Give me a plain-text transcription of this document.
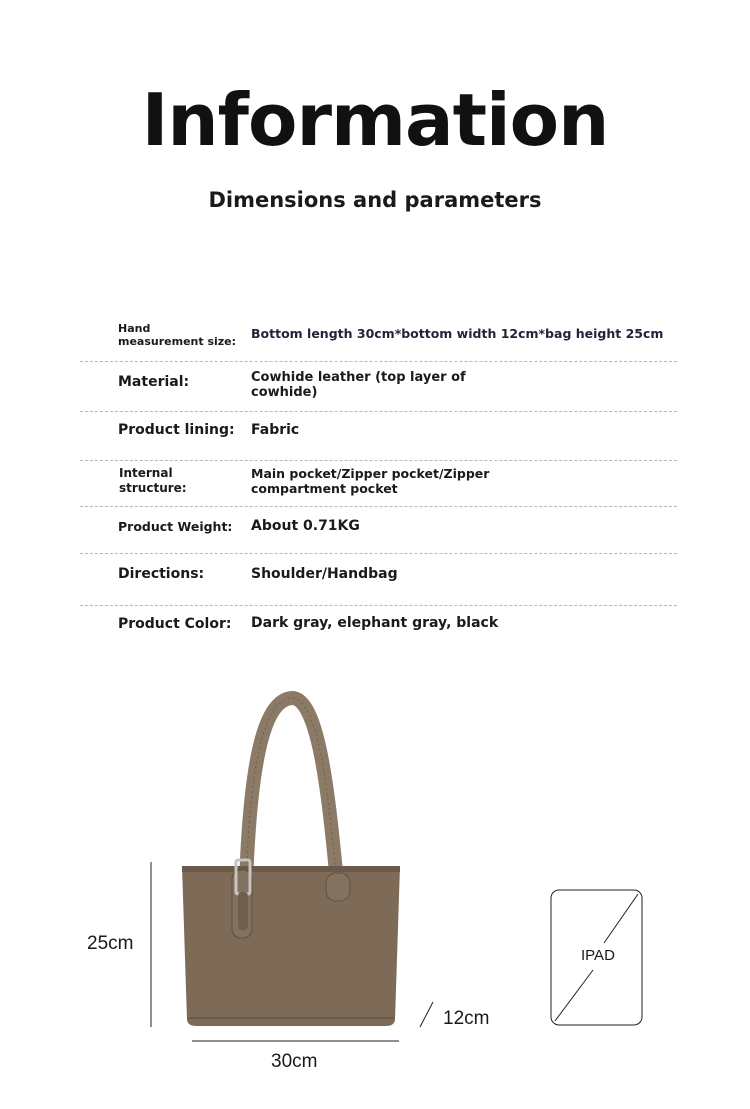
Information
Dimensions and parameters
Hand measurement size:
Bottom length 30cm*bottom width 12cm*bag height 25cm
Material:	Cowhide leather (top layer of cowhide)
Product lining: Fabric
Internal structure:
Main pocket/Zipper pocket/Zipper compartment pocket
Product Weight: About 0.71KG
Directions:	Shoulder/Handbag
Product Color: Dark gray, elephant gray, black
25cm
30cm
12cm
IPAD
